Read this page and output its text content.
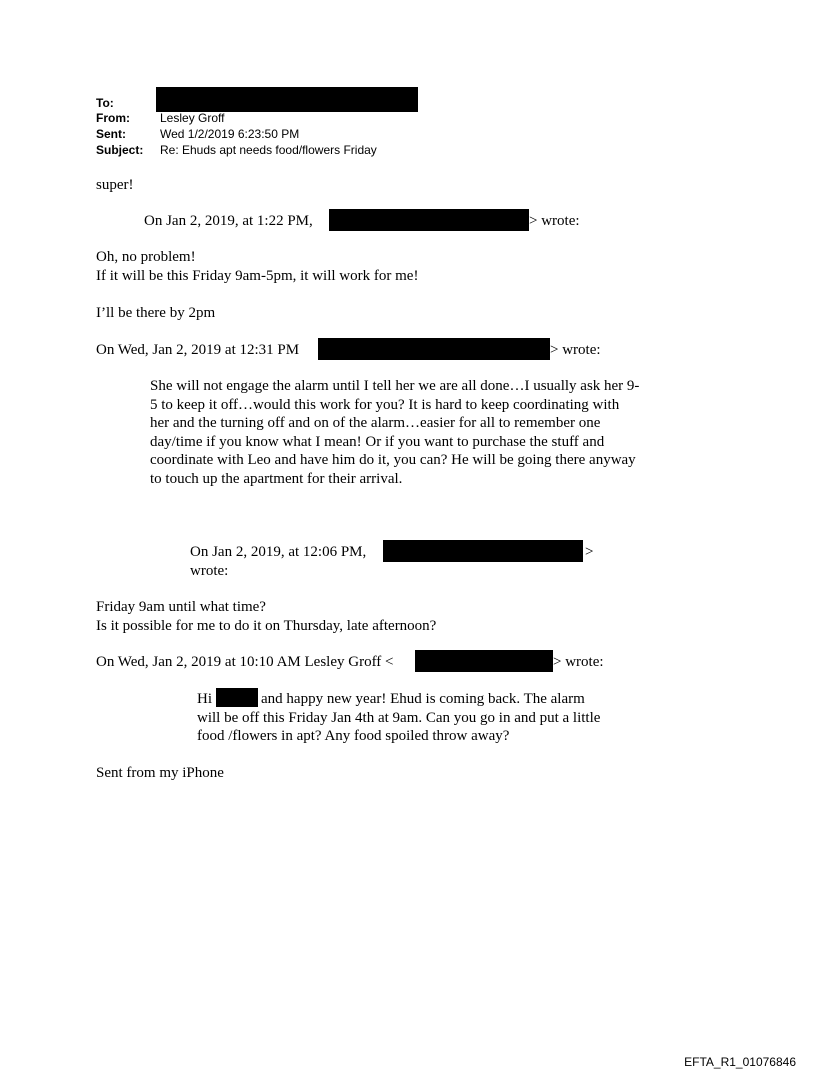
To:
From:	Lesley Groff
Sent:	Wed 1/2/2019 6:23:50 PM
Subject: Re: Ehuds apt needs food/flowers Friday
super!
On Jan 2, 2019, at 1:22 PM,	> wrote:
Oh, no problem!
If it will be this Friday 9am-5pm, it will work for me!
I’ll be there by 2pm
On Wed, Jan 2, 2019 at 12:31 PM	> wrote:
She will not engage the alarm until I tell her we are all done…I usually ask her 9-
5 to keep it off…would this work for you? It is hard to keep coordinating with
her and the turning off and on of the alarm…easier for all to remember one
day/time if you know what I mean! Or if you want to purchase the stuff and
coordinate with Leo and have him do it, you can? He will be going there anyway
to touch up the apartment for their arrival.
On Jan 2, 2019, at 12:06 PM,	>
wrote:
Friday 9am until what time?
Is it possible for me to do it on Thursday, late afternoon?
On Wed, Jan 2, 2019 at 10:10 AM Lesley Groff <	> wrote:
Hi	and happy new year! Ehud is coming back. The alarm
will be off this Friday Jan 4th at 9am. Can you go in and put a little
food /flowers in apt? Any food spoiled throw away?
Sent from my iPhone
EFTA_R1_01076846
